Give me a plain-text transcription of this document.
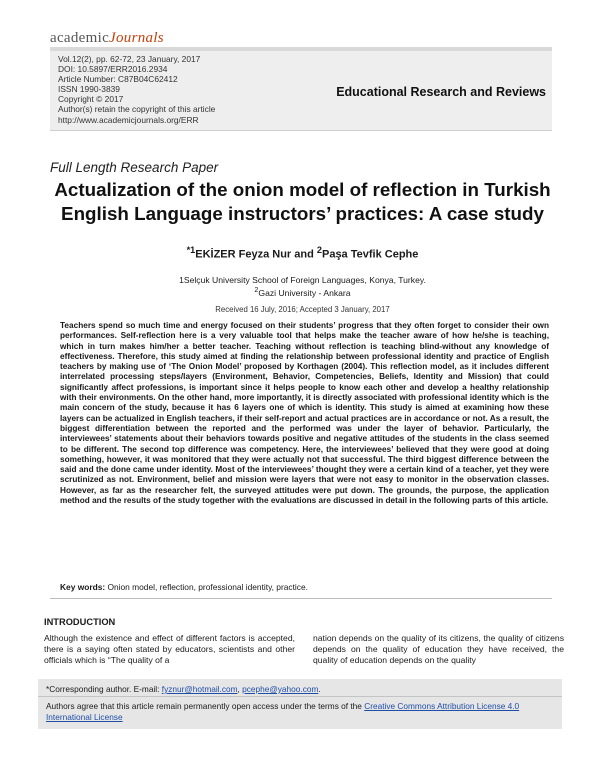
academicJournals
Vol.12(2), pp. 62-72, 23 January, 2017
DOI: 10.5897/ERR2016.2934
Article Number: C87B04C62412
ISSN 1990-3839
Copyright © 2017
Author(s) retain the copyright of this article
http://www.academicjournals.org/ERR
Educational Research and Reviews
Full Length Research Paper
Actualization of the onion model of reflection in Turkish
English Language instructors’ practices: A case study
$^{*1}$EKİZER Feyza Nur and $^2$Paşa Tevfik Cephe
1Selçuk University School of Foreign Languages, Konya, Turkey.
$^2$Gazi University - Ankara
Received 16 July, 2016; Accepted 3 January, 2017
Teachers spend so much time and energy focused on their students’ progress that they often forget to consider their own performances. Self-reflection here is a very valuable tool that helps make the teacher aware of how he/she is teaching, which in turn makes him/her a better teacher. Teaching without reflection is teaching blind-without any knowledge of effectiveness. Therefore, this study aimed at finding the relationship between professional identity and practice of English teachers by making use of ‘The Onion Model’ proposed by Korthagen (2004). This reflection model, as it includes different interrelated processing steps/layers (Environment, Behavior, Competencies, Beliefs, Identity and Mission) that could significantly affect professions, is important since it helps people to know each other and develop a healthy relationship with their environments. On the other hand, more importantly, it is directly associated with professional identity which is the main concern of the study, because it has 6 layers one of which is identity. This study is aimed at examining how these layers can be actualized in English teachers, if their self-report and actual practices are in accordance or not. As a result, the biggest differentiation between the reported and the performed was under the layer of behavior. Particularly, the interviewees’ statements about their behaviors towards positive and negative attitudes of the students in the class seemed to be different. The second top difference was competency. Here, the interviewees’ believed that they were good at doing something, however, it was monitored that they were actually not that successful. The third biggest difference between the said and the done came under identity. Most of the interviewees’ thought they were a certain kind of a teacher, yet they were scrutinized as not. Environment, belief and mission were layers that were not easy to monitor in the observation classes. However, as far as the researcher felt, the surveyed attitudes were put down. The grounds, the purpose, the application method and the results of the study together with the evaluations are discussed in detail in the following parts of this article.
Key words: Onion model, reflection, professional identity, practice.
INTRODUCTION
Although the existence and effect of different factors is accepted, there is a saying often stated by educators, scientists and other officials which is “The quality of a
nation depends on the quality of its citizens, the quality of citizens depends on the quality of education they have received, the quality of education depends on the quality
*Corresponding author. E-mail: fyznur@hotmail.com, pcephe@yahoo.com.
Authors agree that this article remain permanently open access under the terms of the Creative Commons Attribution License 4.0 International License
